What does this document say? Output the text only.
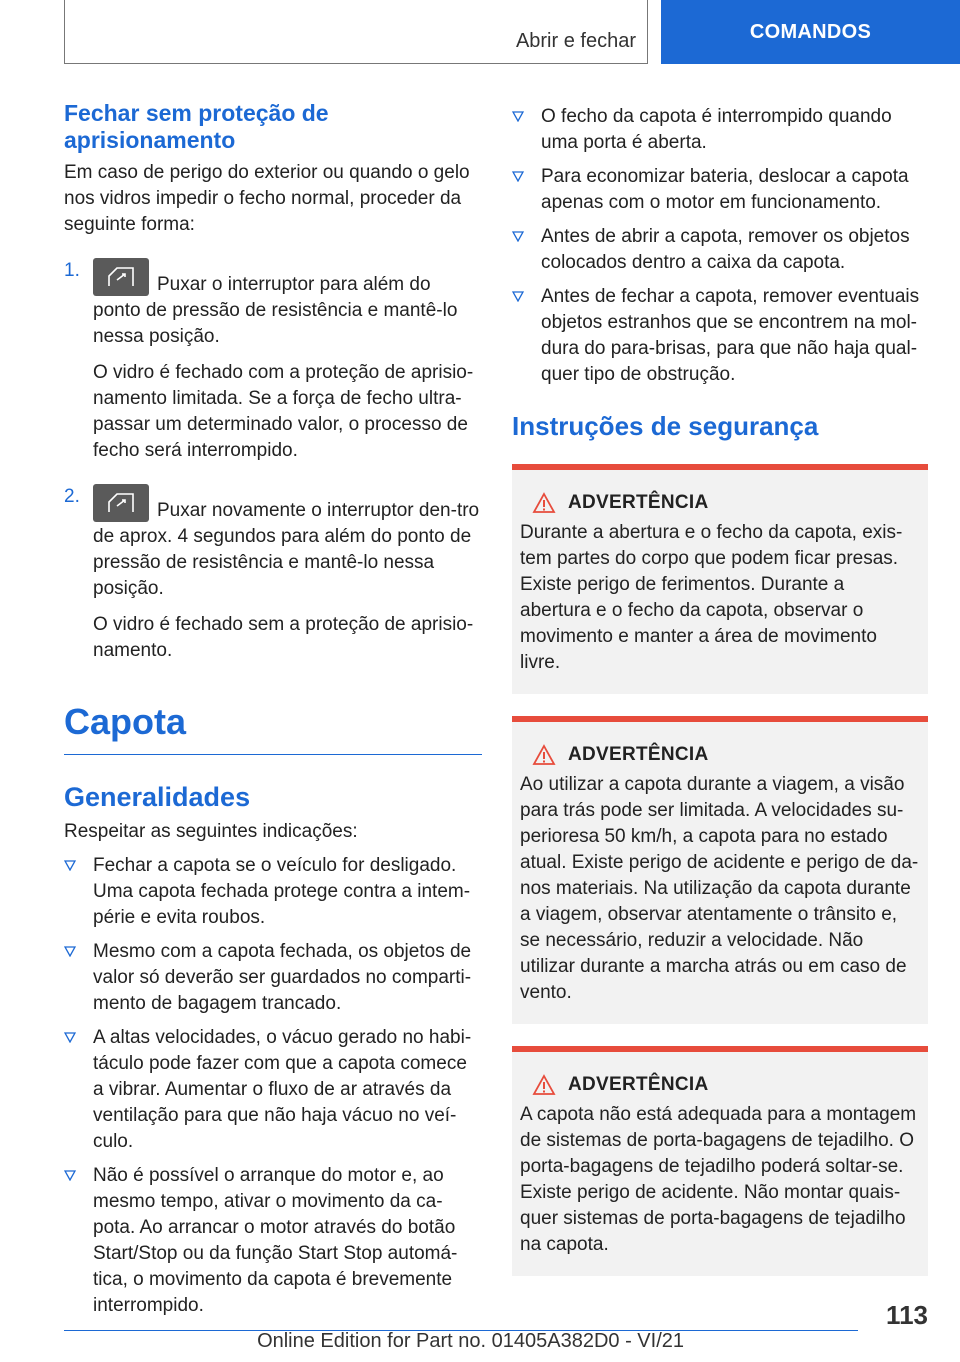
Abrir e fechar	COMANDOS
Fechar sem proteção de aprisionamento

Em caso de perigo do exterior ou quando o gelo nos vidros impedir o fecho normal, proceder da seguinte forma:

1.

Puxar o interruptor para além do ponto de pressão de resistência e mantê-lo nessa posição.

O vidro é fechado com a proteção de aprisio-namento limitada. Se a força de fecho ultra-passar um determinado valor, o processo de fecho será interrompido.

2.

Puxar novamente o interruptor den-tro de aprox. 4 segundos para além do ponto de pressão de resistência e mantê-lo nessa posição.

O vidro é fechado sem a proteção de aprisio-namento.

Capota
Generalidades

Respeitar as seguintes indicações:

Fechar a capota se o veículo for desligado. Uma capota fechada protege contra a intem-périe e evita roubos.
Mesmo com a capota fechada, os objetos de valor só deverão ser guardados no comparti-mento de bagagem trancado.
A altas velocidades, o vácuo gerado no habi-táculo pode fazer com que a capota comece a vibrar. Aumentar o fluxo de ar através da ventilação para que não haja vácuo no veí-culo.
Não é possível o arranque do motor e, ao mesmo tempo, ativar o movimento da ca-pota. Ao arrancar o motor através do botão Start/Stop ou da função Start Stop automá-tica, o movimento da capota é brevemente interrompido.
O fecho da capota é interrompido quando uma porta é aberta.
Para economizar bateria, deslocar a capota apenas com o motor em funcionamento.
Antes de abrir a capota, remover os objetos colocados dentro a caixa da capota.
Antes de fechar a capota, remover eventuais objetos estranhos que se encontrem na mol-dura do para-brisas, para que não haja qual-quer tipo de obstrução.
Instruções de segurança
ADVERTÊNCIA

Durante a abertura e o fecho da capota, exis-tem partes do corpo que podem ficar presas. Existe perigo de ferimentos. Durante a abertura e o fecho da capota, observar o movimento e manter a área de movimento livre.

ADVERTÊNCIA

Ao utilizar a capota durante a viagem, a visão para trás pode ser limitada. A velocidades su-perioresa 50 km/h, a capota para no estado atual. Existe perigo de acidente e perigo de da-nos materiais. Na utilização da capota durante a viagem, observar atentamente o trânsito e, se necessário, reduzir a velocidade. Não utilizar durante a marcha atrás ou em caso de vento.

ADVERTÊNCIA

A capota não está adequada para a montagem de sistemas de porta-bagagens de tejadilho. O porta-bagagens de tejadilho poderá soltar-se. Existe perigo de acidente. Não montar quais-quer sistemas de porta-bagagens de tejadilho na capota.

113
Online Edition for Part no. 01405A382D0 - VI/21
